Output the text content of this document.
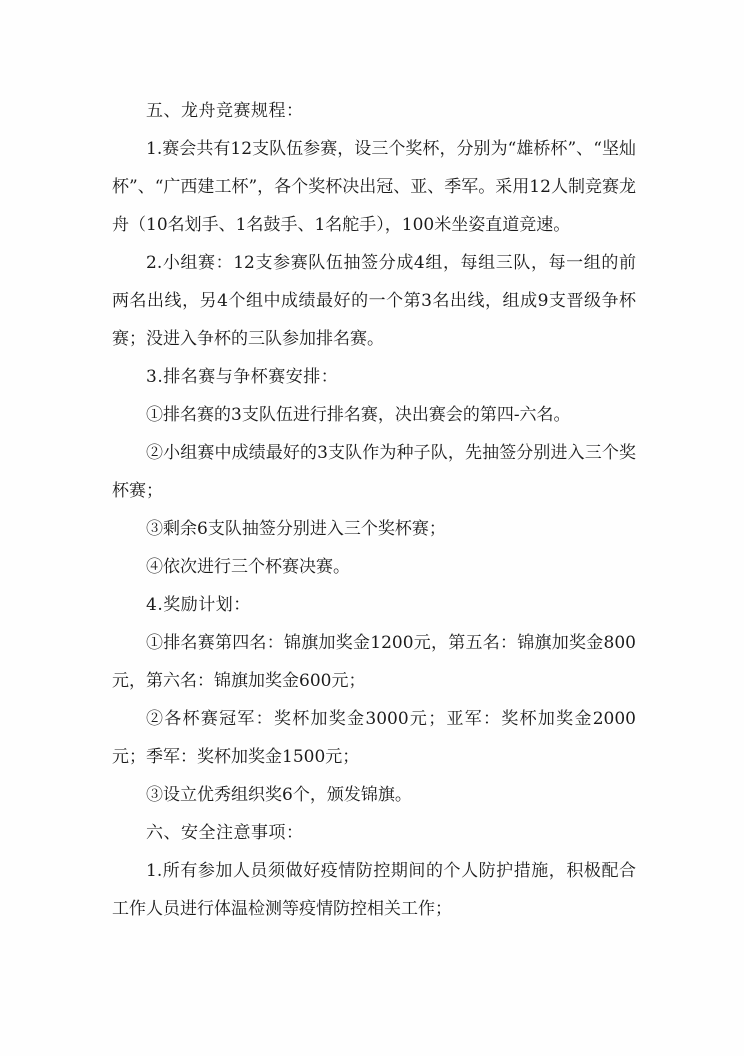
五、龙舟竞赛规程：

1.赛会共有12支队伍参赛，设三个奖杯，分别为“雄桥杯”、“坚灿杯”、“广西建工杯”，各个奖杯决出冠、亚、季军。采用12人制竞赛龙舟（10名划手、1名鼓手、1名舵手），100米坐姿直道竞速。

2.小组赛：12支参赛队伍抽签分成4组，每组三队，每一组的前两名出线，另4个组中成绩最好的一个第3名出线，组成9支晋级争杯赛；没进入争杯的三队参加排名赛。

3.排名赛与争杯赛安排：

①排名赛的3支队伍进行排名赛，决出赛会的第四-六名。

②小组赛中成绩最好的3支队作为种子队，先抽签分别进入三个奖杯赛；

③剩余6支队抽签分别进入三个奖杯赛；

④依次进行三个杯赛决赛。

4.奖励计划：

①排名赛第四名：锦旗加奖金1200元，第五名：锦旗加奖金800元，第六名：锦旗加奖金600元；

②各杯赛冠军：奖杯加奖金3000元；亚军：奖杯加奖金2000元；季军：奖杯加奖金1500元；

③设立优秀组织奖6个，颁发锦旗。

六、安全注意事项：

1.所有参加人员须做好疫情防控期间的个人防护措施，积极配合工作人员进行体温检测等疫情防控相关工作；
